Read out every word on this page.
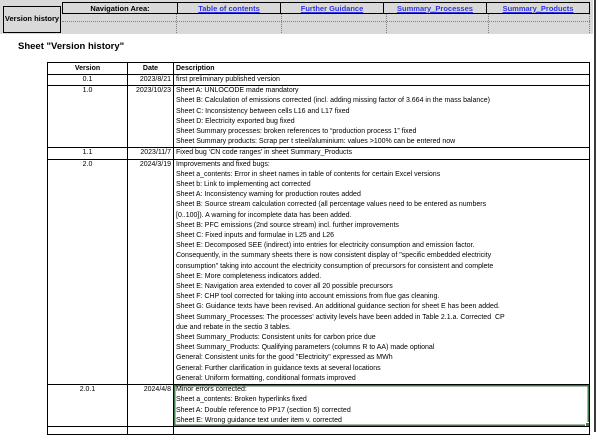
Version history
Navigation Area:	Table of contents	Further Guidance	Summary_Processes	Summary_Products
Sheet "Version history"
Version	Date	Description
0.1	2023/8/21 first preliminary published version
1.0	2023/10/23 Sheet A: UNLOCODE made mandatory
Sheet B: Calculation of emissions corrected (incl. adding missing factor of 3.664 in the mass balance)
Sheet C: Inconsistency between cells L16 and L17 fixed
Sheet D: Electricity exported bug fixed
Sheet Summary processes: broken references to “production process 1” fixed
Sheet Summary products: Scrap per t steel/aluminium: values >100% can be entered now
1.1	2023/11/7 Fixed bug ‘CN code ranges’ in sheet Summary_Products
2.0	2024/3/19 Improvements and fixed bugs:
Sheet a_contents: Error in sheet names in table of contents for certain Excel versions
Sheet b: Link to implementing act corrected
Sheet A: Inconsistency warning for production routes added
Sheet B: Source stream calculation corrected (all percentage values need to be entered as numbers
[0..100]). A warning for incomplete data has been added.
Sheet B: PFC emissions (2nd source stream) incl. further improvements
Sheet C: Fixed inputs and formulae in L25 and L26
Sheet E: Decomposed SEE (indirect) into entries for electricity consumption and emission factor.
Consequently, in the summary sheets there is now consistent display of "specific embedded electricity
consumption" taking into account the electricity consumption of precursors for consistent and complete
Sheet E: More completeness indicators added.
Sheet E: Navigation area extended to cover all 20 possible precursors
Sheet F: CHP tool corrected for taking into account emissions from flue gas cleaning.
Sheet G: Guidance texts have been revised. An additional guidance section for sheet E has been added.
Sheet Summary_Processes: The processes' activity levels have been added in Table 2.1.a. Corrected  CP
due and rebate in the sectio 3 tables.
Sheet Summary_Products: Consistent units for carbon price due
Sheet Summary_Products: Qualifying parameters (columns R to AA) made optional
General: Consistent units for the good "Electricity" expressed as MWh
General: Further clarification in guidance texts at several locations
General: Uniform formatting, conditional formats improved
2.0.1	2024/4/8 Minor errors corrected:
Sheet a_contents: Broken hyperlinks fixed
Sheet A: Double reference to PP17 (section 5) corrected
Sheet E: Wrong guidance text under item v. corrected
